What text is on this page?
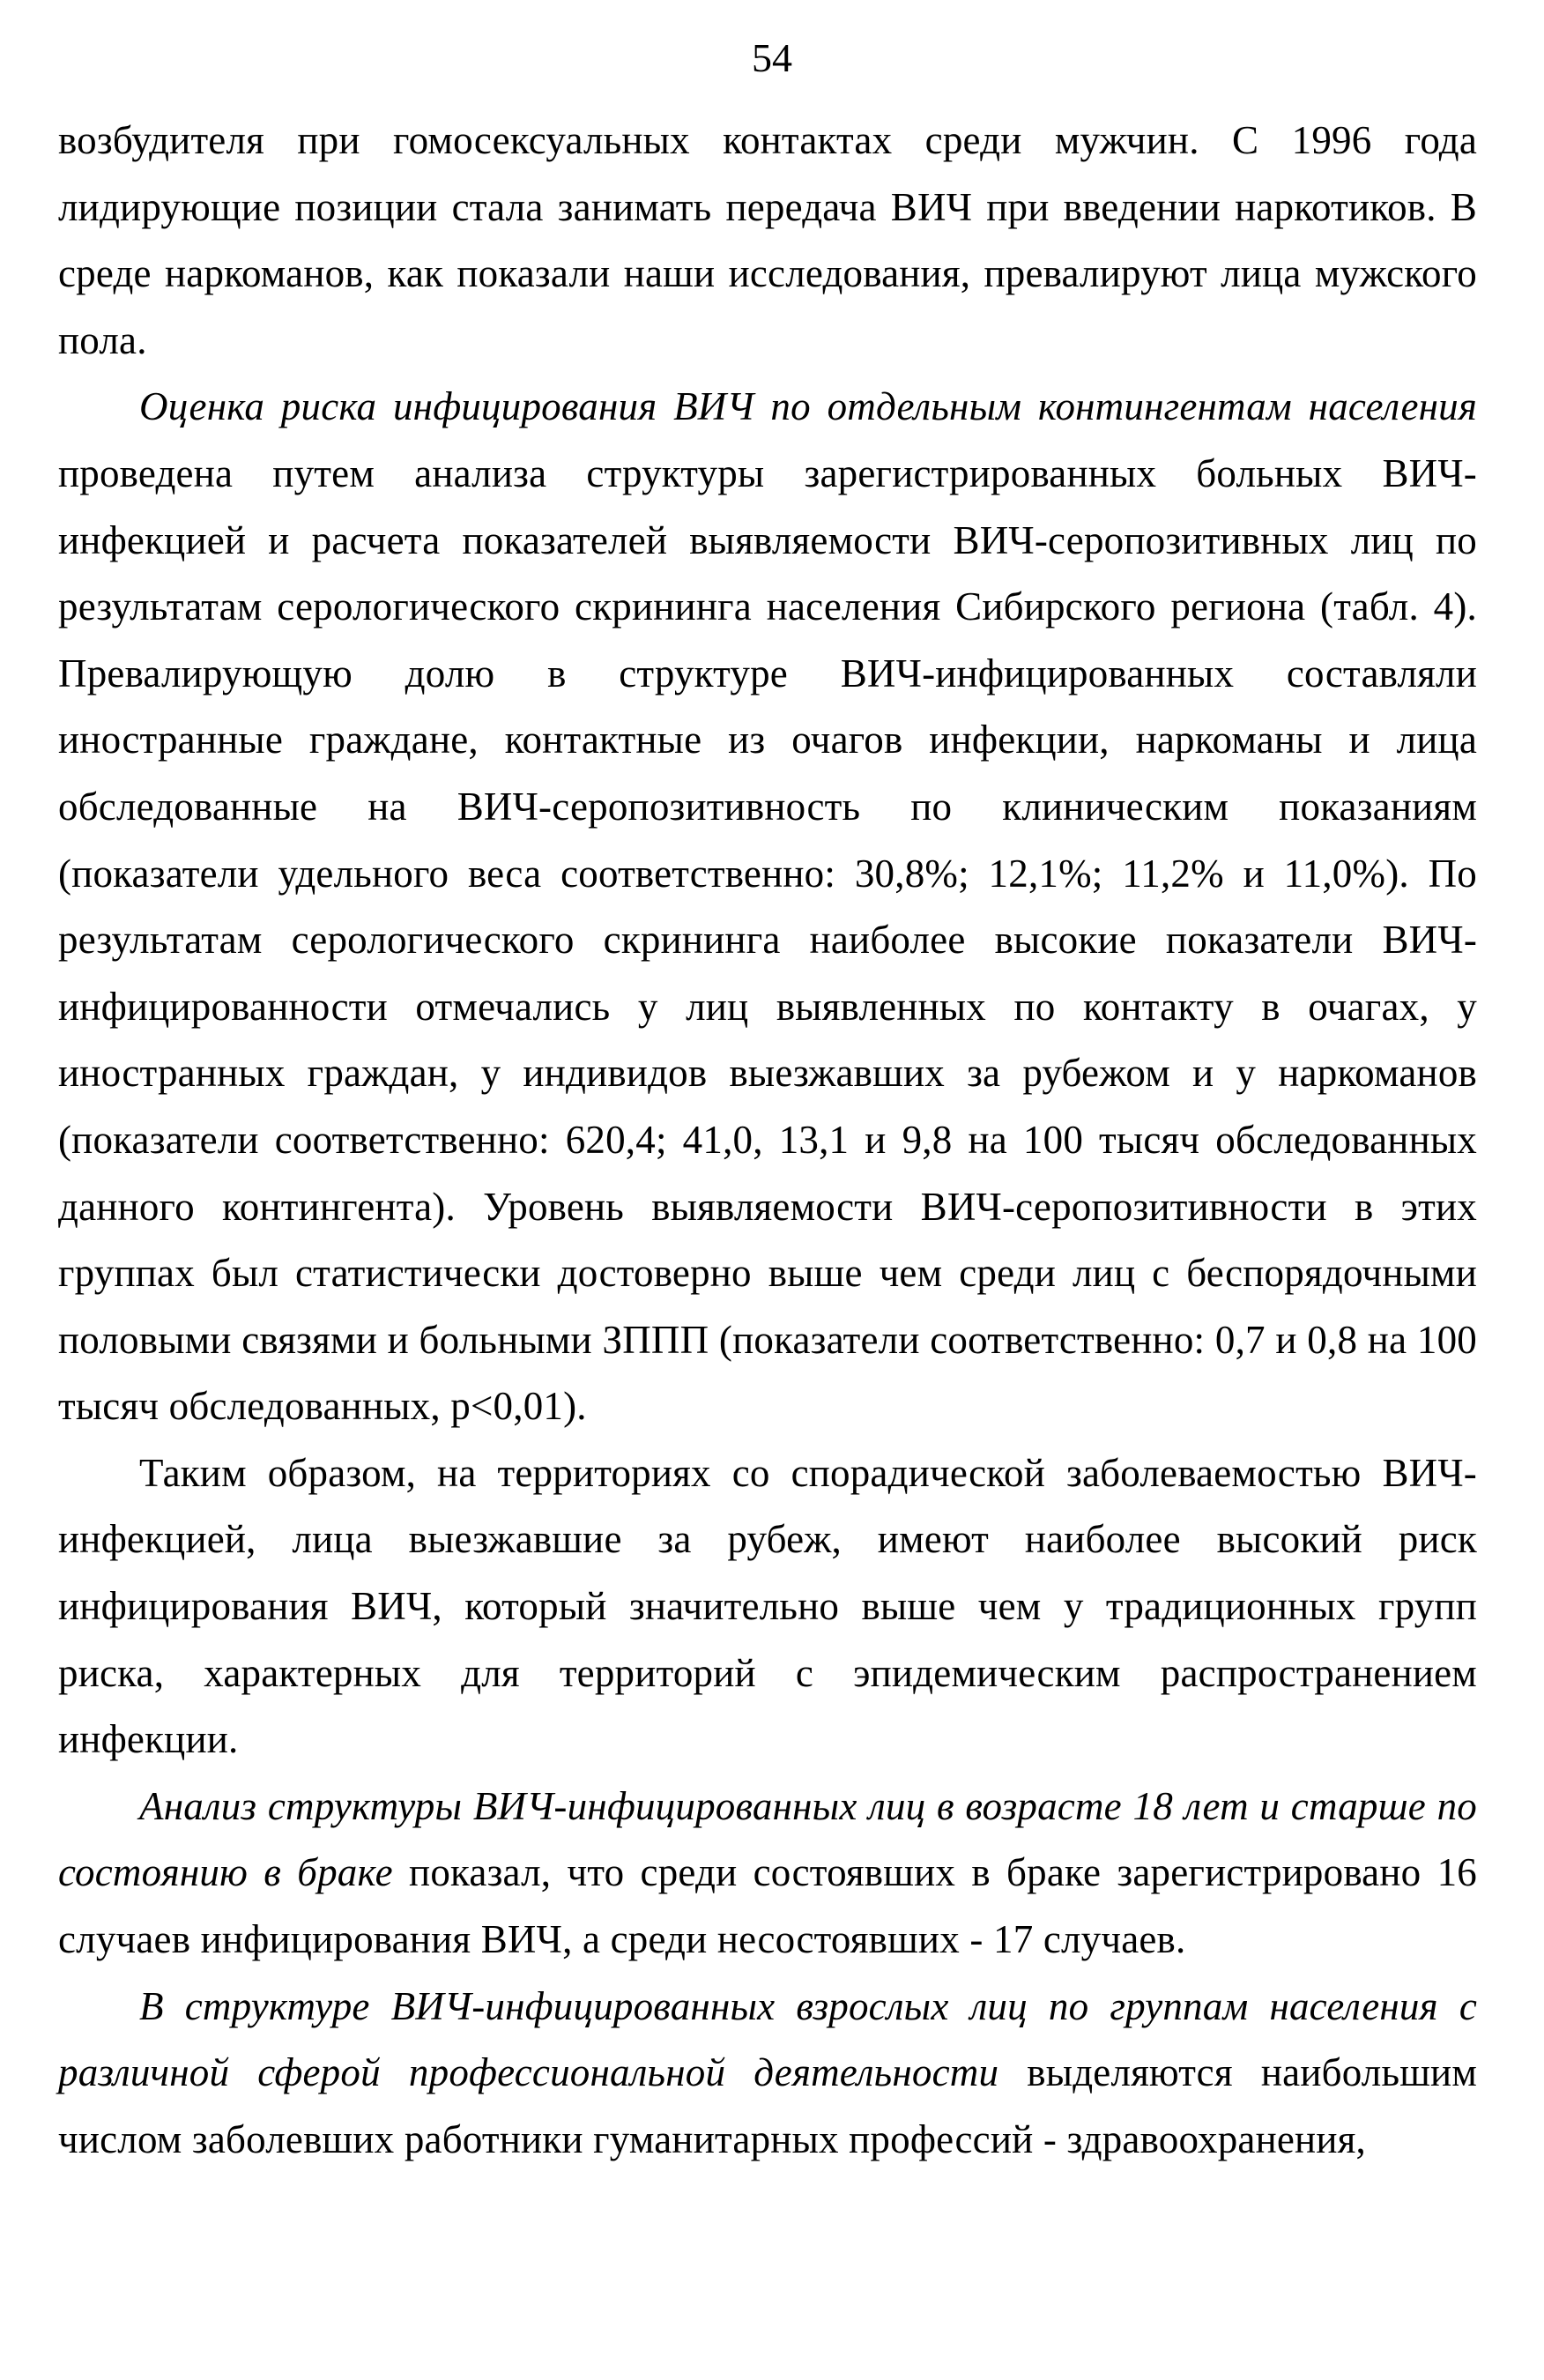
54

возбудителя при гомосексуальных контактах среди мужчин. С 1996 года лидирующие позиции стала занимать передача ВИЧ при введении наркотиков. В среде наркоманов, как показали наши исследования, превалируют лица мужского пола.

Оценка риска инфицирования ВИЧ по отдельным контингентам населения проведена путем анализа структуры зарегистрированных больных ВИЧ-инфекцией и расчета показателей выявляемости ВИЧ-серопозитивных лиц по результатам серологического скрининга населения Сибирского региона (табл. 4). Превалирующую долю в структуре ВИЧ-инфицированных составляли иностранные граждане, контактные из очагов инфекции, наркоманы и лица обследованные на ВИЧ-серопозитивность по клиническим показаниям (показатели удельного веса соответственно: 30,8%; 12,1%; 11,2% и 11,0%). По результатам серологического скрининга наиболее высокие показатели ВИЧ-инфицированности отмечались у лиц выявленных по контакту в очагах, у иностранных граждан, у индивидов выезжавших за рубежом и у наркоманов (показатели соответственно: 620,4; 41,0, 13,1 и 9,8 на 100 тысяч обследованных данного контингента). Уровень выявляемости ВИЧ-серопозитивности в этих группах был статистически достоверно выше чем среди лиц с беспорядочными половыми связями и больными ЗППП (показатели соответственно: 0,7 и 0,8 на 100 тысяч обследованных, p<0,01).

Таким образом, на территориях со спорадической заболеваемостью ВИЧ-инфекцией, лица выезжавшие за рубеж, имеют наиболее высокий риск инфицирования ВИЧ, который значительно выше чем у традиционных групп риска, характерных для территорий с эпидемическим распространением инфекции.

Анализ структуры ВИЧ-инфицированных лиц в возрасте 18 лет и старше по состоянию в браке показал, что среди состоявших в браке зарегистрировано 16 случаев инфицирования ВИЧ, а среди несостоявших - 17 случаев.

В структуре ВИЧ-инфицированных взрослых лиц по группам населения с различной сферой профессиональной деятельности выделяются наибольшим числом заболевших работники гуманитарных профессий - здравоохранения,
